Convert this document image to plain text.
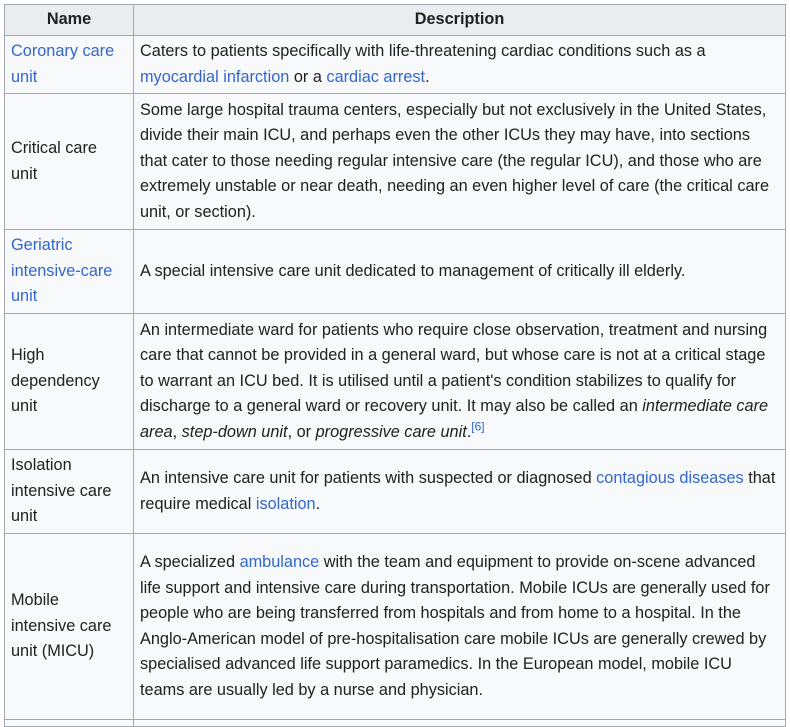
Name	Description
Coronary care unit	Caters to patients specifically with life-threatening cardiac conditions such as a myocardial infarction or a cardiac arrest.
Critical care unit	Some large hospital trauma centers, especially but not exclusively in the United States, divide their main ICU, and perhaps even the other ICUs they may have, into sections that cater to those needing regular intensive care (the regular ICU), and those who are extremely unstable or near death, needing an even higher level of care (the critical care unit, or section).
Geriatric intensive-care unit	A special intensive care unit dedicated to management of critically ill elderly.
High dependency unit	An intermediate ward for patients who require close observation, treatment and nursing care that cannot be provided in a general ward, but whose care is not at a critical stage to warrant an ICU bed. It is utilised until a patient's condition stabilizes to qualify for discharge to a general ward or recovery unit. It may also be called an intermediate care area, step-down unit, or progressive care unit.[6]
Isolation intensive care unit	An intensive care unit for patients with suspected or diagnosed contagious diseases that require medical isolation.
Mobile intensive care unit (MICU)	A specialized ambulance with the team and equipment to provide on-scene advanced life support and intensive care during transportation. Mobile ICUs are generally used for people who are being transferred from hospitals and from home to a hospital. In the Anglo-American model of pre-hospitalisation care mobile ICUs are generally crewed by specialised advanced life support paramedics. In the European model, mobile ICU teams are usually led by a nurse and physician.
